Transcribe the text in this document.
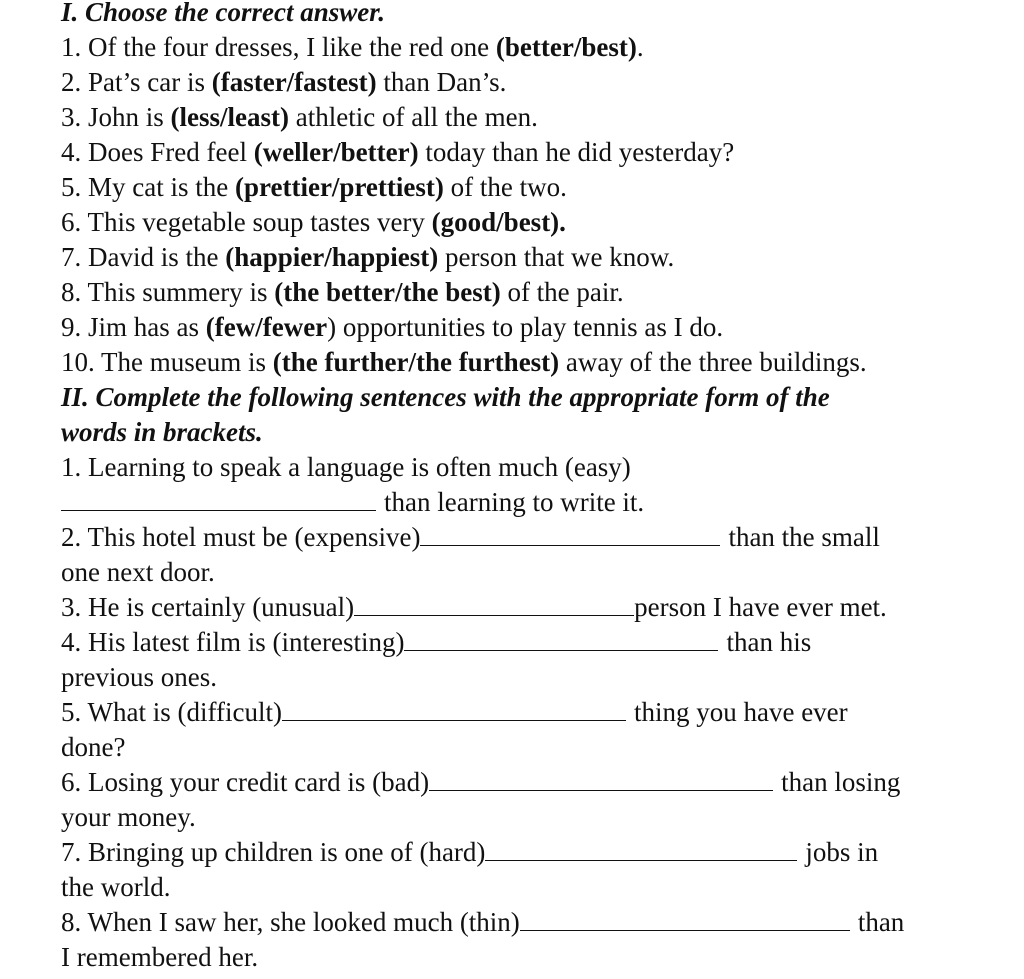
I. Choose the correct answer.
1. Of the four dresses, I like the red one (better/best).
2. Pat’s car is (faster/fastest) than Dan’s.
3. John is (less/least) athletic of all the men.
4. Does Fred feel (weller/better) today than he did yesterday?
5. My cat is the (prettier/prettiest) of the two.
6. This vegetable soup tastes very (good/best).
7. David is the (happier/happiest) person that we know.
8. This summery is (the better/the best) of the pair.
9. Jim has as (few/fewer) opportunities to play tennis as I do.
10. The museum is (the further/the furthest) away of the three buildings.
II. Complete the following sentences with the appropriate form of the
words in brackets.
1. Learning to speak a language is often much (easy)
than learning to write it.
2. This hotel must be (expensive)	than the small
one next door.
3. He is certainly (unusual)	person I have ever met.
4. His latest film is (interesting)	than his
previous ones.
5. What is (difficult)	thing you have ever
done?
6. Losing your credit card is (bad)	than losing
your money.
7. Bringing up children is one of (hard)	jobs in
the world.
8. When I saw her, she looked much (thin)	than
I remembered her.
